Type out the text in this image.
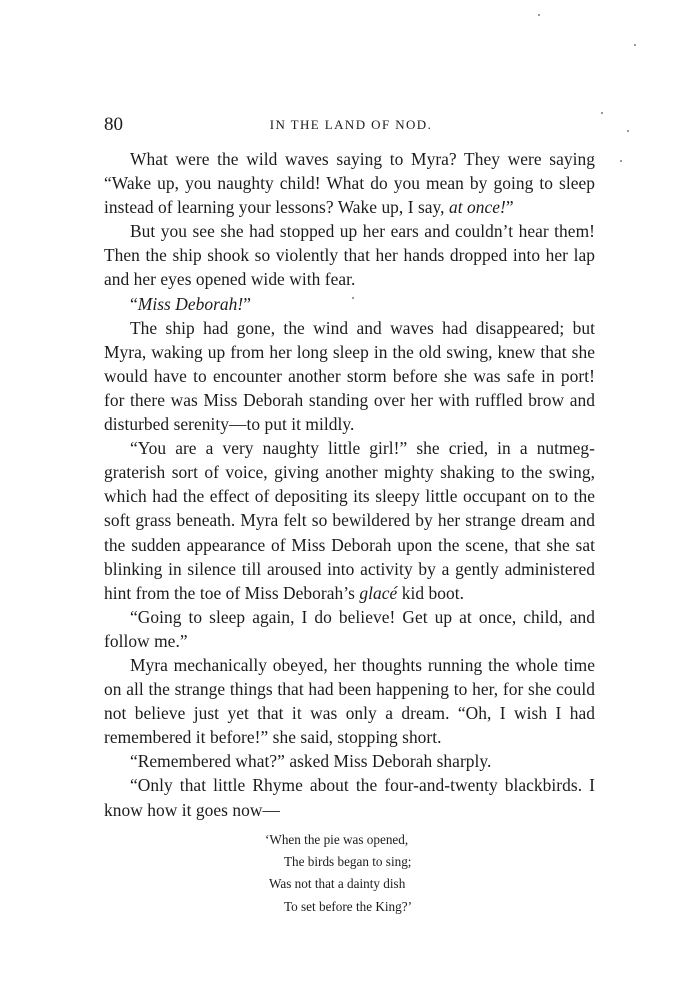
80	IN THE LAND OF NOD.

What were the wild waves saying to Myra? They were saying “Wake up, you naughty child! What do you mean by going to sleep instead of learning your lessons? Wake up, I say, at once!”

But you see she had stopped up her ears and couldn’t hear them! Then the ship shook so violently that her hands dropped into her lap and her eyes opened wide with fear.

“Miss Deborah!”

The ship had gone, the wind and waves had disappeared; but Myra, waking up from her long sleep in the old swing, knew that she would have to encounter another storm before she was safe in port! for there was Miss Deborah standing over her with ruffled brow and disturbed serenity—to put it mildly.

“You are a very naughty little girl!” she cried, in a nutmeg-graterish sort of voice, giving another mighty shaking to the swing, which had the effect of depositing its sleepy little occupant on to the soft grass beneath. Myra felt so bewildered by her strange dream and the sudden appearance of Miss Deborah upon the scene, that she sat blinking in silence till aroused into activity by a gently administered hint from the toe of Miss Deborah’s glacé kid boot.

“Going to sleep again, I do believe! Get up at once, child, and follow me.”

Myra mechanically obeyed, her thoughts running the whole time on all the strange things that had been happening to her, for she could not believe just yet that it was only a dream. “Oh, I wish I had remembered it before!” she said, stopping short.

“Remembered what?” asked Miss Deborah sharply.

“Only that little Rhyme about the four-and-twenty blackbirds. I know how it goes now—

‘When the pie was opened,
The birds began to sing;
Was not that a dainty dish
To set before the King?’
